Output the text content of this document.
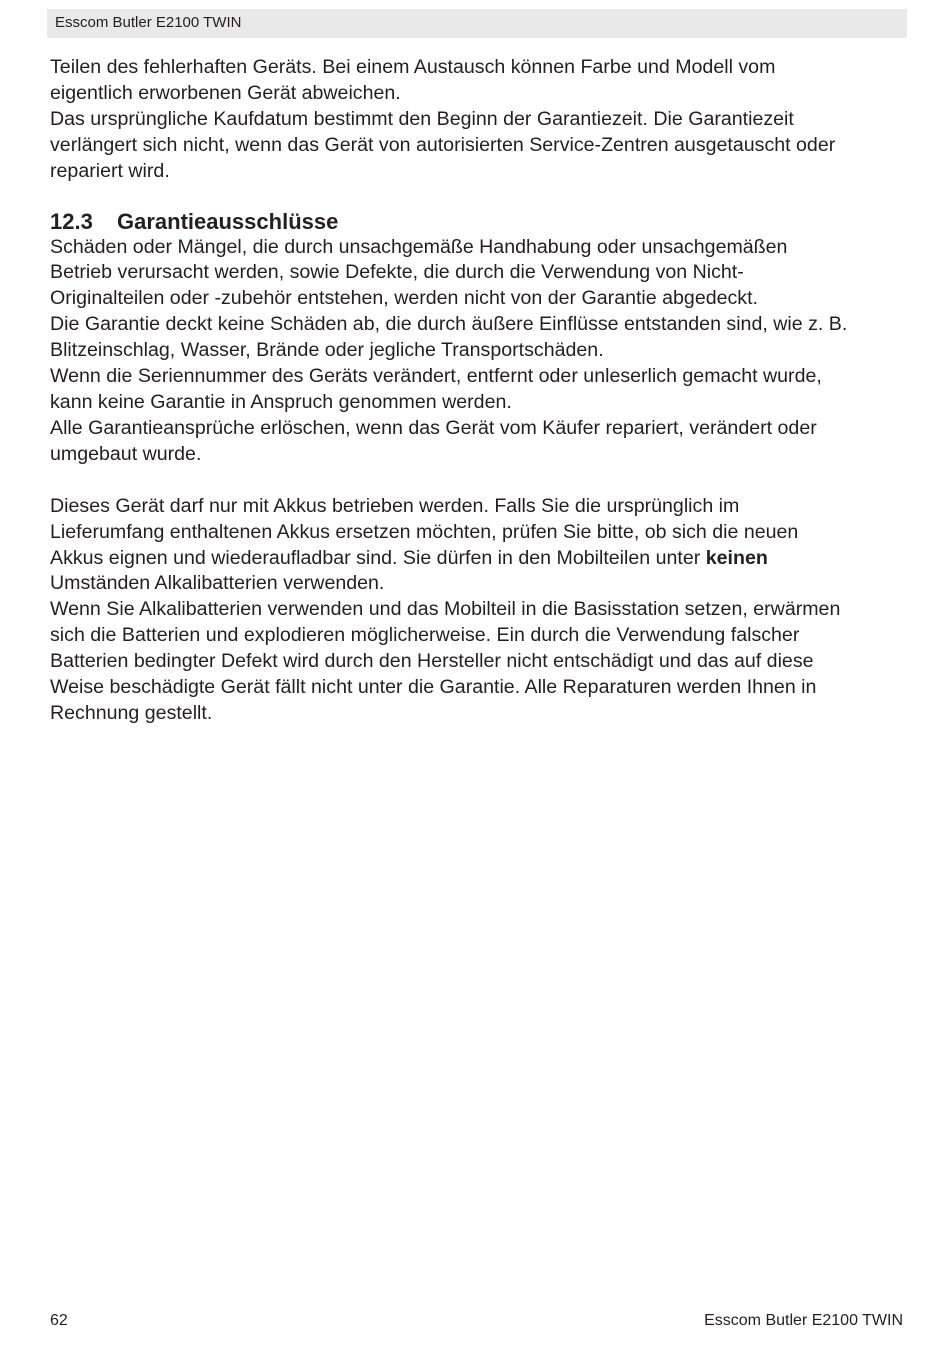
Esscom Butler E2100 TWIN

Teilen des fehlerhaften Geräts. Bei einem Austausch können Farbe und Modell vom
eigentlich erworbenen Gerät abweichen.
Das ursprüngliche Kaufdatum bestimmt den Beginn der Garantiezeit. Die Garantiezeit
verlängert sich nicht, wenn das Gerät von autorisierten Service-Zentren ausgetauscht oder
repariert wird.

12.3 Garantieausschlüsse

Schäden oder Mängel, die durch unsachgemäße Handhabung oder unsachgemäßen
Betrieb verursacht werden, sowie Defekte, die durch die Verwendung von Nicht-
Originalteilen oder -zubehör entstehen, werden nicht von der Garantie abgedeckt.
Die Garantie deckt keine Schäden ab, die durch äußere Einflüsse entstanden sind, wie z. B.
Blitzeinschlag, Wasser, Brände oder jegliche Transportschäden.
Wenn die Seriennummer des Geräts verändert, entfernt oder unleserlich gemacht wurde,
kann keine Garantie in Anspruch genommen werden.
Alle Garantieansprüche erlöschen, wenn das Gerät vom Käufer repariert, verändert oder
umgebaut wurde.

Dieses Gerät darf nur mit Akkus betrieben werden. Falls Sie die ursprünglich im
Lieferumfang enthaltenen Akkus ersetzen möchten, prüfen Sie bitte, ob sich die neuen
Akkus eignen und wiederaufladbar sind. Sie dürfen in den Mobilteilen unter keinen
Umständen Alkalibatterien verwenden.
Wenn Sie Alkalibatterien verwenden und das Mobilteil in die Basisstation setzen, erwärmen
sich die Batterien und explodieren möglicherweise. Ein durch die Verwendung falscher
Batterien bedingter Defekt wird durch den Hersteller nicht entschädigt und das auf diese
Weise beschädigte Gerät fällt nicht unter die Garantie. Alle Reparaturen werden Ihnen in
Rechnung gestellt.

62	Esscom Butler E2100 TWIN
